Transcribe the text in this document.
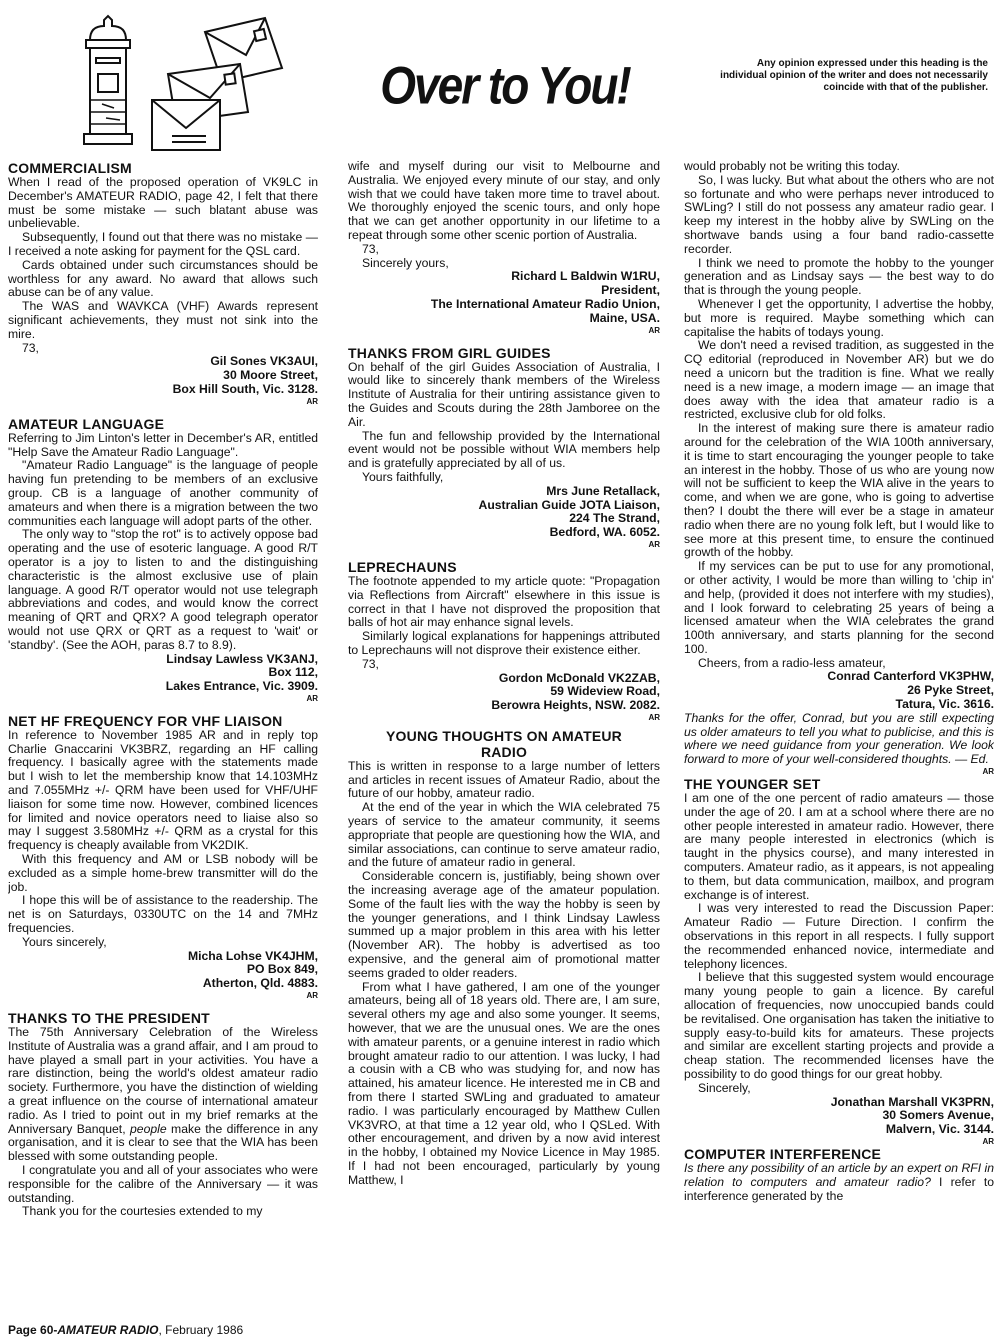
Over to You!	Any opinion expressed under this heading is the individual opinion of the writer and does not necessarily coincide with that of the publisher.

COMMERCIALISM

When I read of the proposed operation of VK9LC in December's AMATEUR RADIO, page 42, I felt that there must be some mistake — such blatant abuse was unbelievable.

Subsequently, I found out that there was no mistake — I received a note asking for payment for the QSL card.

Cards obtained under such circumstances should be worthless for any award. No award that allows such abuse can be of any value.

The WAS and WAVKCA (VHF) Awards represent significant achievements, they must not sink into the mire.

73,

Gil Sones VK3AUI,

30 Moore Street,

Box Hill South, Vic. 3128.

AR

AMATEUR LANGUAGE

Referring to Jim Linton's letter in December's AR, entitled "Help Save the Amateur Radio Language".

"Amateur Radio Language" is the language of people having fun pretending to be members of an exclusive group. CB is a language of another community of amateurs and when there is a migration between the two communities each language will adopt parts of the other.

The only way to "stop the rot" is to actively oppose bad operating and the use of esoteric language. A good R/T operator is a joy to listen to and the distinguishing characteristic is the almost exclusive use of plain language. A good R/T operator would not use telegraph abbreviations and codes, and would know the correct meaning of QRT and QRX? A good telegraph operator would not use QRX or QRT as a request to 'wait' or 'standby'. (See the AOH, paras 8.7 to 8.9).

Lindsay Lawless VK3ANJ,

Box 112,

Lakes Entrance, Vic. 3909.

AR

NET HF FREQUENCY FOR VHF LIAISON

In reference to November 1985 AR and in reply top Charlie Gnaccarini VK3BRZ, regarding an HF calling frequency. I basically agree with the statements made but I wish to let the membership know that 14.103MHz and 7.055MHz +/- QRM have been used for VHF/UHF liaison for some time now. However, combined licences for limited and novice operators need to liaise also so may I suggest 3.580MHz +/- QRM as a crystal for this frequency is cheaply available from VK2DIK.

With this frequency and AM or LSB nobody will be excluded as a simple home-brew transmitter will do the job.

I hope this will be of assistance to the readership. The net is on Saturdays, 0330UTC on the 14 and 7MHz frequencies.

Yours sincerely,

Micha Lohse VK4JHM,

PO Box 849,

Atherton, Qld. 4883.

AR

THANKS TO THE PRESIDENT

The 75th Anniversary Celebration of the Wireless Institute of Australia was a grand affair, and I am proud to have played a small part in your activities. You have a rare distinction, being the world's oldest amateur radio society. Furthermore, you have the distinction of wielding a great influence on the course of international amateur radio. As I tried to point out in my brief remarks at the Anniversary Banquet, people make the difference in any organisation, and it is clear to see that the WIA has been blessed with some outstanding people.

I congratulate you and all of your associates who were responsible for the calibre of the Anniversary — it was outstanding.

Thank you for the courtesies extended to my

wife and myself during our visit to Melbourne and Australia. We enjoyed every minute of our stay, and only wish that we could have taken more time to travel about. We thoroughly enjoyed the scenic tours, and only hope that we can get another opportunity in our lifetime to a repeat through some other scenic portion of Australia.

73,

Sincerely yours,

Richard L Baldwin W1RU,

President,

The International Amateur Radio Union,

Maine, USA.

AR

THANKS FROM GIRL GUIDES

On behalf of the girl Guides Association of Australia, I would like to sincerely thank members of the Wireless Institute of Australia for their untiring assistance given to the Guides and Scouts during the 28th Jamboree on the Air.

The fun and fellowship provided by the International event would not be possible without WIA members help and is gratefully appreciated by all of us.

Yours faithfully,

Mrs June Retallack,

Australian Guide JOTA Liaison,

224 The Strand,

Bedford, WA. 6052.

AR

LEPRECHAUNS

The footnote appended to my article quote: "Propagation via Reflections from Aircraft" elsewhere in this issue is correct in that I have not disproved the proposition that balls of hot air may enhance signal levels.

Similarly logical explanations for happenings attributed to Leprechauns will not disprove their existence either.

73,

Gordon McDonald VK2ZAB,

59 Wideview Road,

Berowra Heights, NSW. 2082.

AR

YOUNG THOUGHTS ON AMATEUR RADIO

This is written in response to a large number of letters and articles in recent issues of Amateur Radio, about the future of our hobby, amateur radio.

At the end of the year in which the WIA celebrated 75 years of service to the amateur community, it seems appropriate that people are questioning how the WIA, and similar associations, can continue to serve amateur radio, and the future of amateur radio in general.

Considerable concern is, justifiably, being shown over the increasing average age of the amateur population. Some of the fault lies with the way the hobby is seen by the younger generations, and I think Lindsay Lawless summed up a major problem in this area with his letter (November AR). The hobby is advertised as too expensive, and the general aim of promotional matter seems graded to older readers.

From what I have gathered, I am one of the younger amateurs, being all of 18 years old. There are, I am sure, several others my age and also some younger. It seems, however, that we are the unusual ones. We are the ones with amateur parents, or a genuine interest in radio which brought amateur radio to our attention. I was lucky, I had a cousin with a CB who was studying for, and now has attained, his amateur licence. He interested me in CB and from there I started SWLing and graduated to amateur radio. I was particularly encouraged by Matthew Cullen VK3VRO, at that time a 12 year old, who I QSLed. With other encouragement, and driven by a now avid interest in the hobby, I obtained my Novice Licence in May 1985. If I had not been encouraged, particularly by young Matthew, I

would probably not be writing this today.

So, I was lucky. But what about the others who are not so fortunate and who were perhaps never introduced to SWLing? I still do not possess any amateur radio gear. I keep my interest in the hobby alive by SWLing on the shortwave bands using a four band radio-cassette recorder.

I think we need to promote the hobby to the younger generation and as Lindsay says — the best way to do that is through the young people.

Whenever I get the opportunity, I advertise the hobby, but more is required. Maybe something which can capitalise the habits of todays young.

We don't need a revised tradition, as suggested in the CQ editorial (reproduced in November AR) but we do need a unicorn but the tradition is fine. What we really need is a new image, a modern image — an image that does away with the idea that amateur radio is a restricted, exclusive club for old folks.

In the interest of making sure there is amateur radio around for the celebration of the WIA 100th anniversary, it is time to start encouraging the younger people to take an interest in the hobby. Those of us who are young now will not be sufficient to keep the WIA alive in the years to come, and when we are gone, who is going to advertise then? I doubt the there will ever be a stage in amateur radio when there are no young folk left, but I would like to see more at this present time, to ensure the continued growth of the hobby.

If my services can be put to use for any promotional, or other activity, I would be more than willing to 'chip in' and help, (provided it does not interfere with my studies), and I look forward to celebrating 25 years of being a licensed amateur when the WIA celebrates the grand 100th anniversary, and starts planning for the second 100.

Cheers, from a radio-less amateur,

Conrad Canterford VK3PHW,

26 Pyke Street,

Tatura, Vic. 3616.

Thanks for the offer, Conrad, but you are still expecting us older amateurs to tell you what to publicise, and this is where we need guidance from your generation. We look forward to more of your well-considered thoughts. — Ed.

AR

THE YOUNGER SET

I am one of the one percent of radio amateurs — those under the age of 20. I am at a school where there are no other people interested in amateur radio. However, there are many people interested in electronics (which is taught in the physics course), and many interested in computers. Amateur radio, as it appears, is not appealing to them, but data communication, mailbox, and program exchange is of interest.

I was very interested to read the Discussion Paper: Amateur Radio — Future Direction. I confirm the observations in this report in all respects. I fully support the recommended enhanced novice, intermediate and telephony licences.

I believe that this suggested system would encourage many young people to gain a licence. By careful allocation of frequencies, now unoccupied bands could be revitalised. One organisation has taken the initiative to supply easy-to-build kits for amateurs. These projects and similar are excellent starting projects and provide a cheap station. The recommended licenses have the possibility to do good things for our great hobby.

Sincerely,

Jonathan Marshall VK3PRN,

30 Somers Avenue,

Malvern, Vic. 3144.

AR

COMPUTER INTERFERENCE

Is there any possibility of an article by an expert on RFI in relation to computers and amateur radio? I refer to interference generated by the

Page 60-AMATEUR RADIO, February 1986
